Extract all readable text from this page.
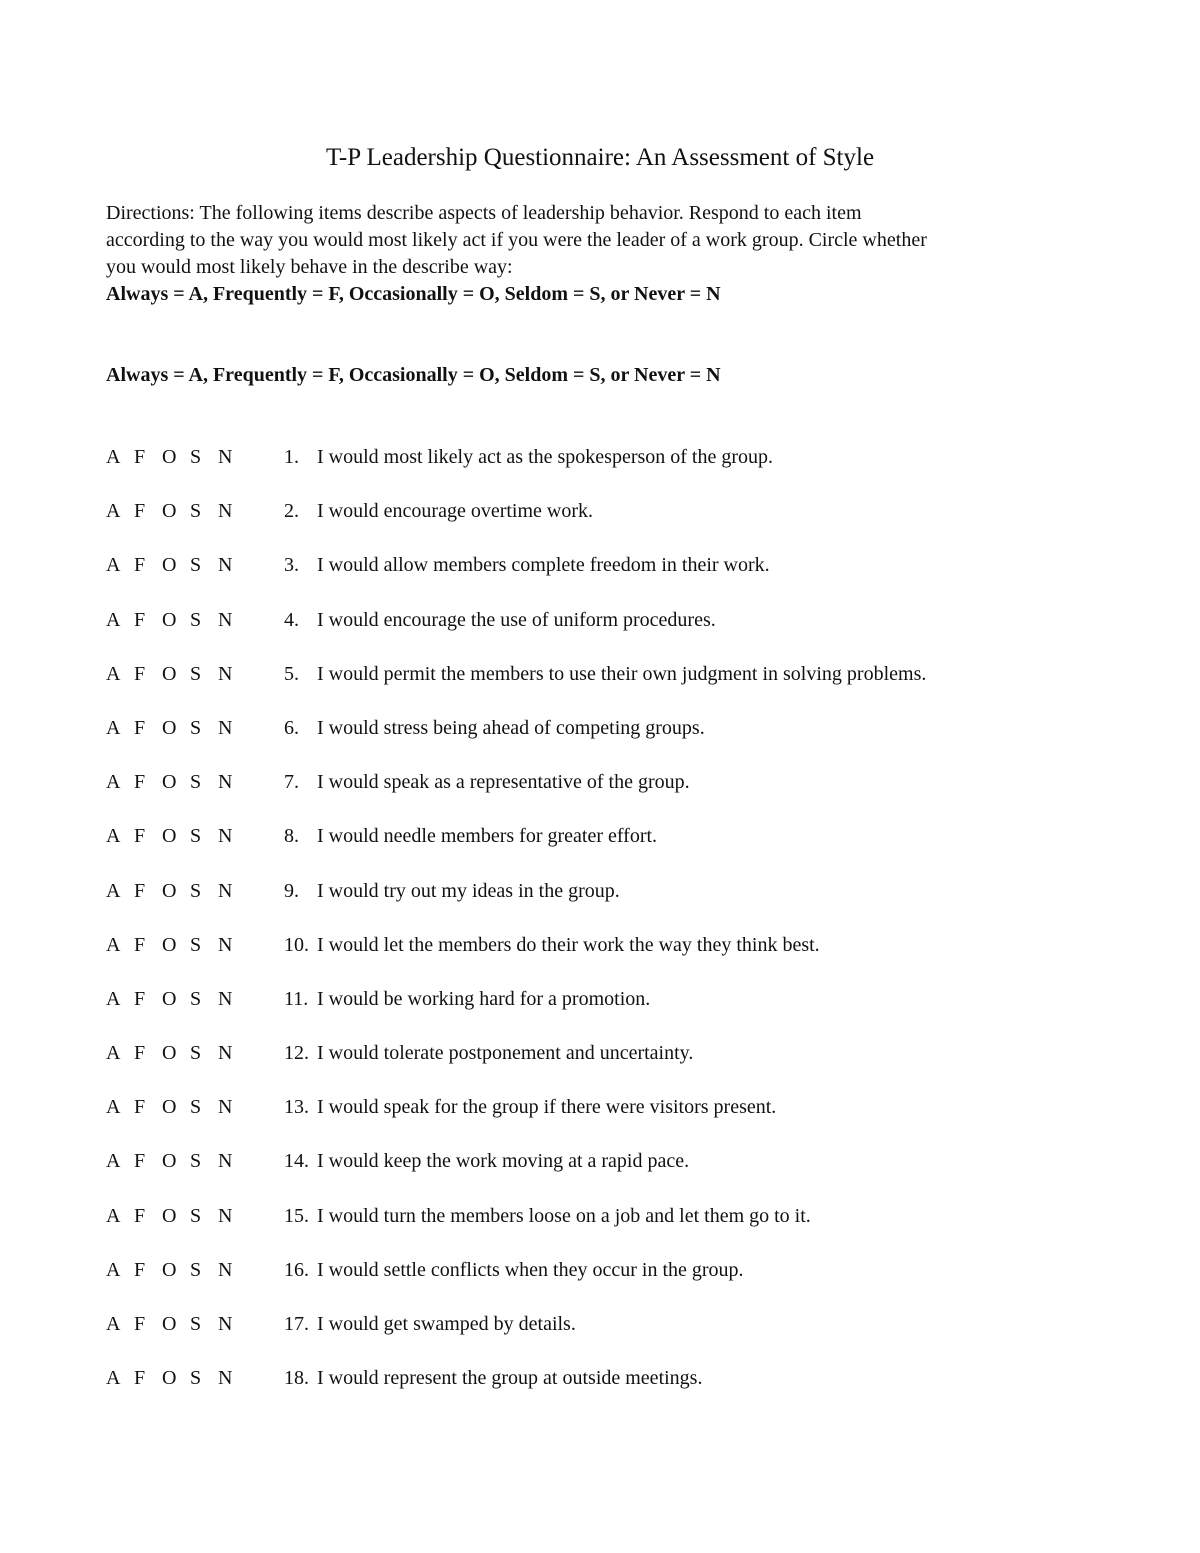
T-P Leadership Questionnaire: An Assessment of Style
Directions: The following items describe aspects of leadership behavior. Respond to each item
according to the way you would most likely act if you were the leader of a work group. Circle whether
you would most likely behave in the describe way:
Always = A, Frequently = F, Occasionally = O, Seldom = S, or Never = N
Always = A, Frequently = F, Occasionally = O, Seldom = S, or Never = N
A F O S N	1. I would most likely act as the spokesperson of the group.
A F O S N	2. I would encourage overtime work.
A F O S N	3. I would allow members complete freedom in their work.
A F O S N	4. I would encourage the use of uniform procedures.
A F O S N	5. I would permit the members to use their own judgment in solving problems.
A F O S N	6. I would stress being ahead of competing groups.
A F O S N	7. I would speak as a representative of the group.
A F O S N	8. I would needle members for greater effort.
A F O S N	9. I would try out my ideas in the group.
A F O S N	10. I would let the members do their work the way they think best.
A F O S N	11. I would be working hard for a promotion.
A F O S N	12. I would tolerate postponement and uncertainty.
A F O S N	13. I would speak for the group if there were visitors present.
A F O S N	14. I would keep the work moving at a rapid pace.
A F O S N	15. I would turn the members loose on a job and let them go to it.
A F O S N	16. I would settle conflicts when they occur in the group.
A F O S N	17. I would get swamped by details.
A F O S N	18. I would represent the group at outside meetings.
